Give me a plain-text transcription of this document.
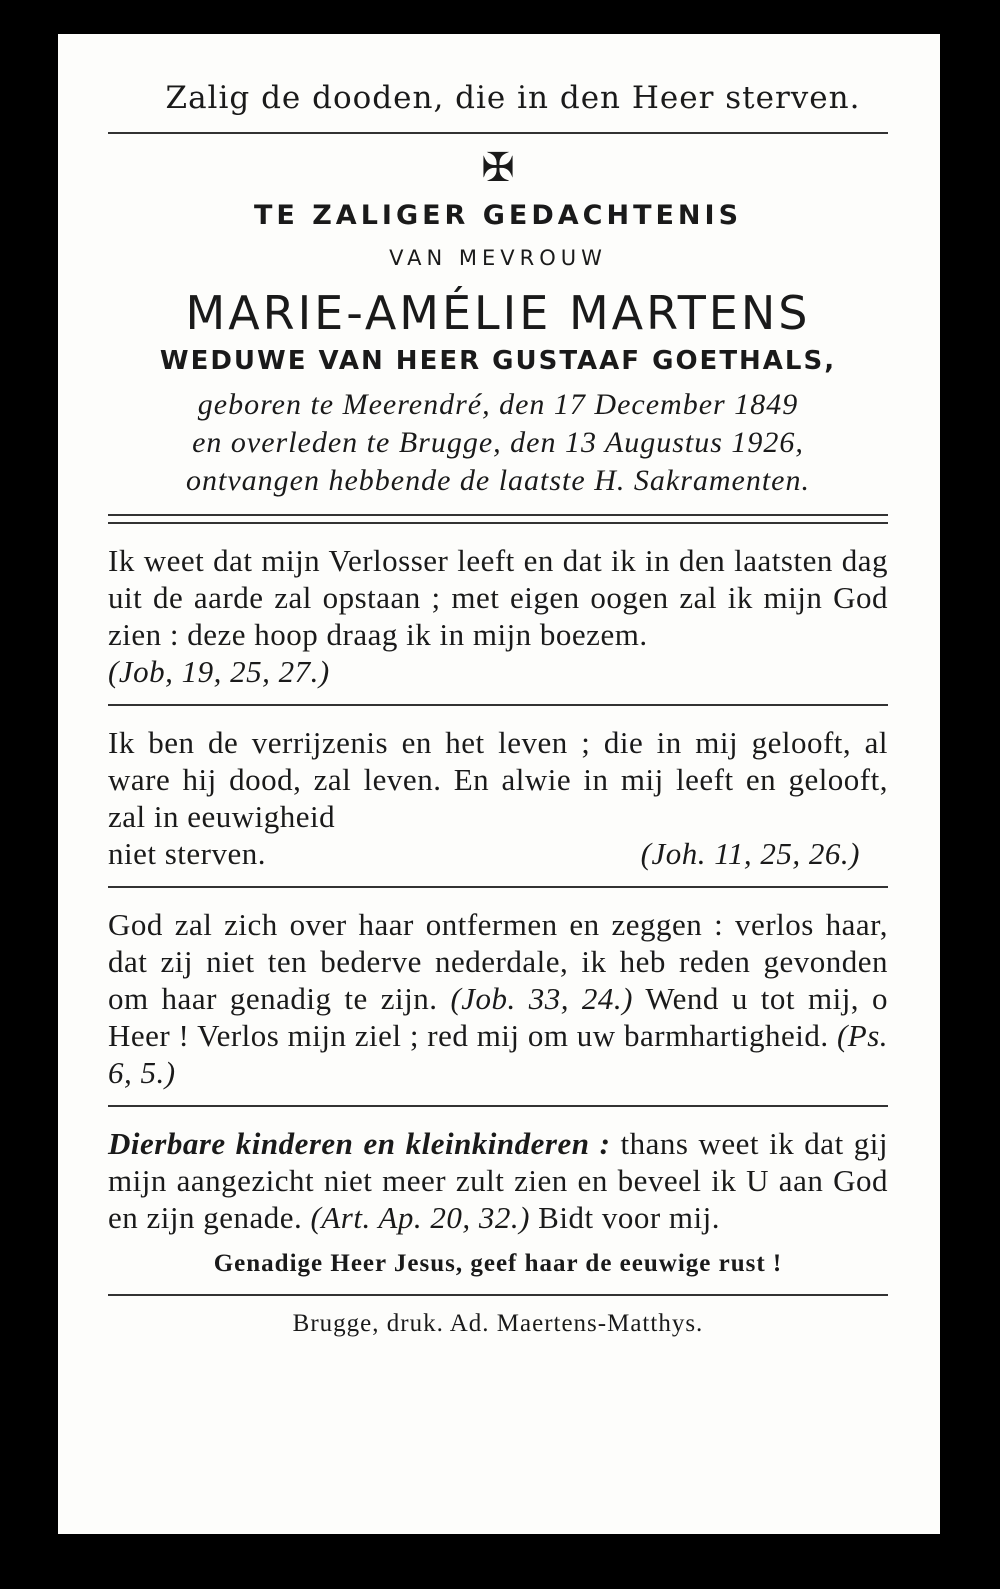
Zalig de dooden, die in den Heer sterven.
✠
TE ZALIGER GEDACHTENIS
VAN MEVROUW
MARIE-AMÉLIE MARTENS
WEDUWE VAN HEER GUSTAAF GOETHALS,
geboren te Meerendré, den 17 December 1849
en overleden te Brugge, den 13 Augustus 1926,
ontvangen hebbende de laatste H. Sakramenten.
Ik weet dat mijn Verlosser leeft en dat ik in den laatsten dag uit de aarde zal opstaan ; met eigen oogen zal ik mijn God zien : deze hoop draag ik in mijn boezem.
(Job, 19, 25, 27.)
Ik ben de verrijzenis en het leven ; die in mij gelooft, al ware hij dood, zal leven. En alwie in mij leeft en gelooft, zal in eeuwigheid
niet sterven.	(Joh. 11, 25, 26.)
God zal zich over haar ontfermen en zeggen : verlos haar, dat zij niet ten bederve nederdale, ik heb reden gevonden om haar genadig te zijn. (Job. 33, 24.) Wend u tot mij, o Heer ! Verlos mijn ziel ; red mij om uw barmhartigheid. (Ps. 6, 5.)
Dierbare kinderen en kleinkinderen : thans weet ik dat gij mijn aangezicht niet meer zult zien en beveel ik U aan God en zijn genade. (Art. Ap. 20, 32.) Bidt voor mij.
Genadige Heer Jesus, geef haar de eeuwige rust !
Brugge, druk. Ad. Maertens-Matthys.
